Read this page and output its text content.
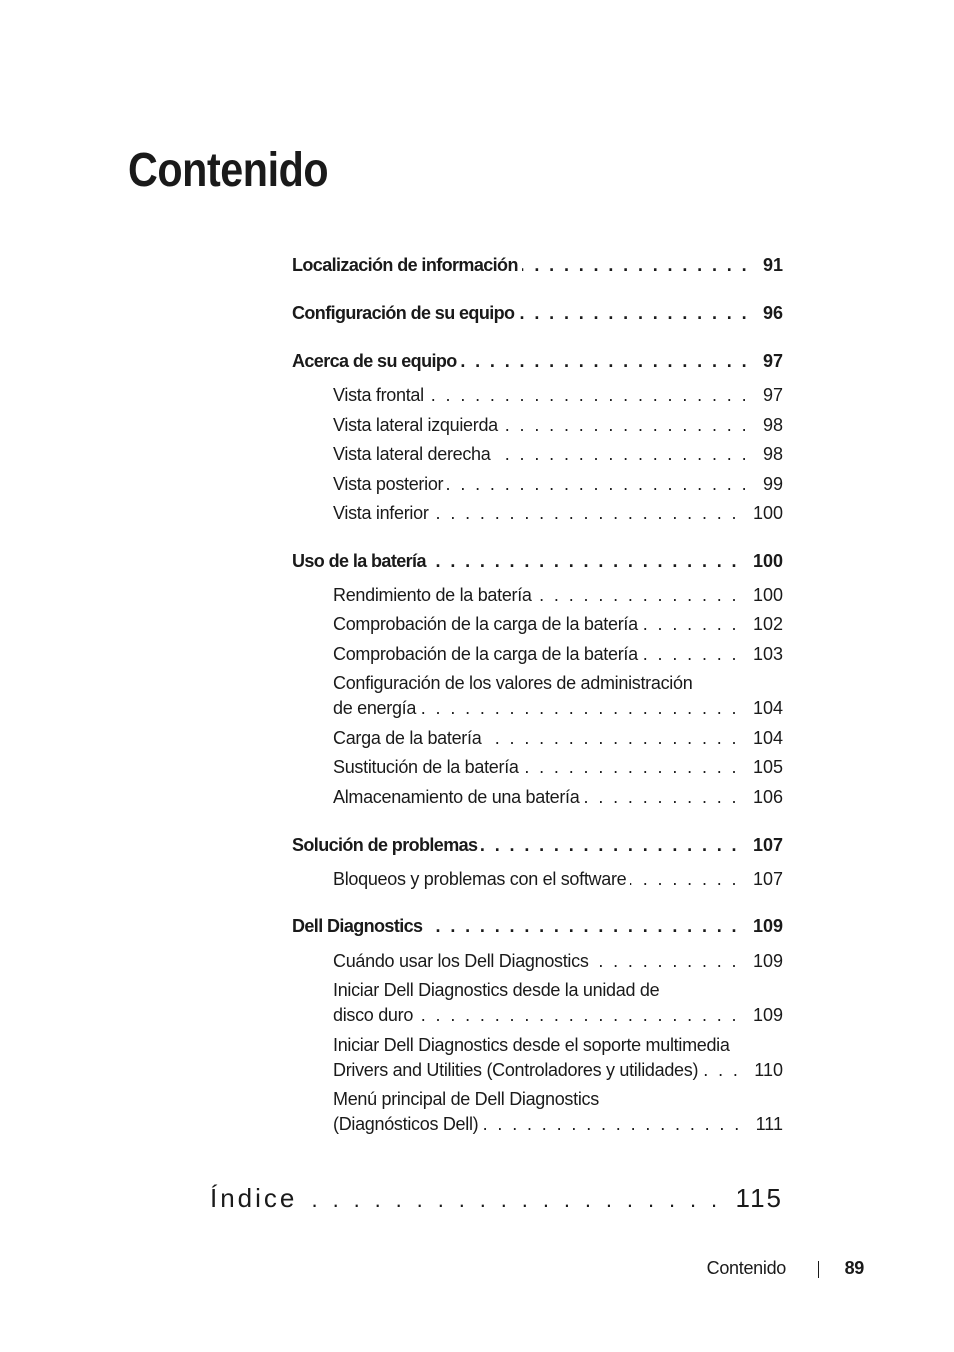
Contenido
Localización de información . . .	91
Configuración de su equipo . . .	96
Acerca de su equipo . . .	97
Vista frontal . . .	97
Vista lateral izquierda . . .	98
Vista lateral derecha . . .	98
Vista posterior . . .	99
Vista inferior . . .	100
Uso de la batería . . .	100
Rendimiento de la batería . . .	100
Comprobación de la carga de la batería . . .	102
Comprobación de la carga de la batería . . .	103
Configuración de los valores de administración
de energía . . .	104
Carga de la batería . . .	104
Sustitución de la batería . . .	105
Almacenamiento de una batería . . .	106
Solución de problemas . . .	107
Bloqueos y problemas con el software . . .	107
Dell Diagnostics . . .	109
Cuándo usar los Dell Diagnostics . . .	109
Iniciar Dell Diagnostics desde la unidad de
disco duro . . .	109
Iniciar Dell Diagnostics desde el soporte multimedia
Drivers and Utilities (Controladores y utilidades) . . .	110
Menú principal de Dell Diagnostics
(Diagnósticos Dell) . . .	111
Índice . . .	115
Contenido	89
